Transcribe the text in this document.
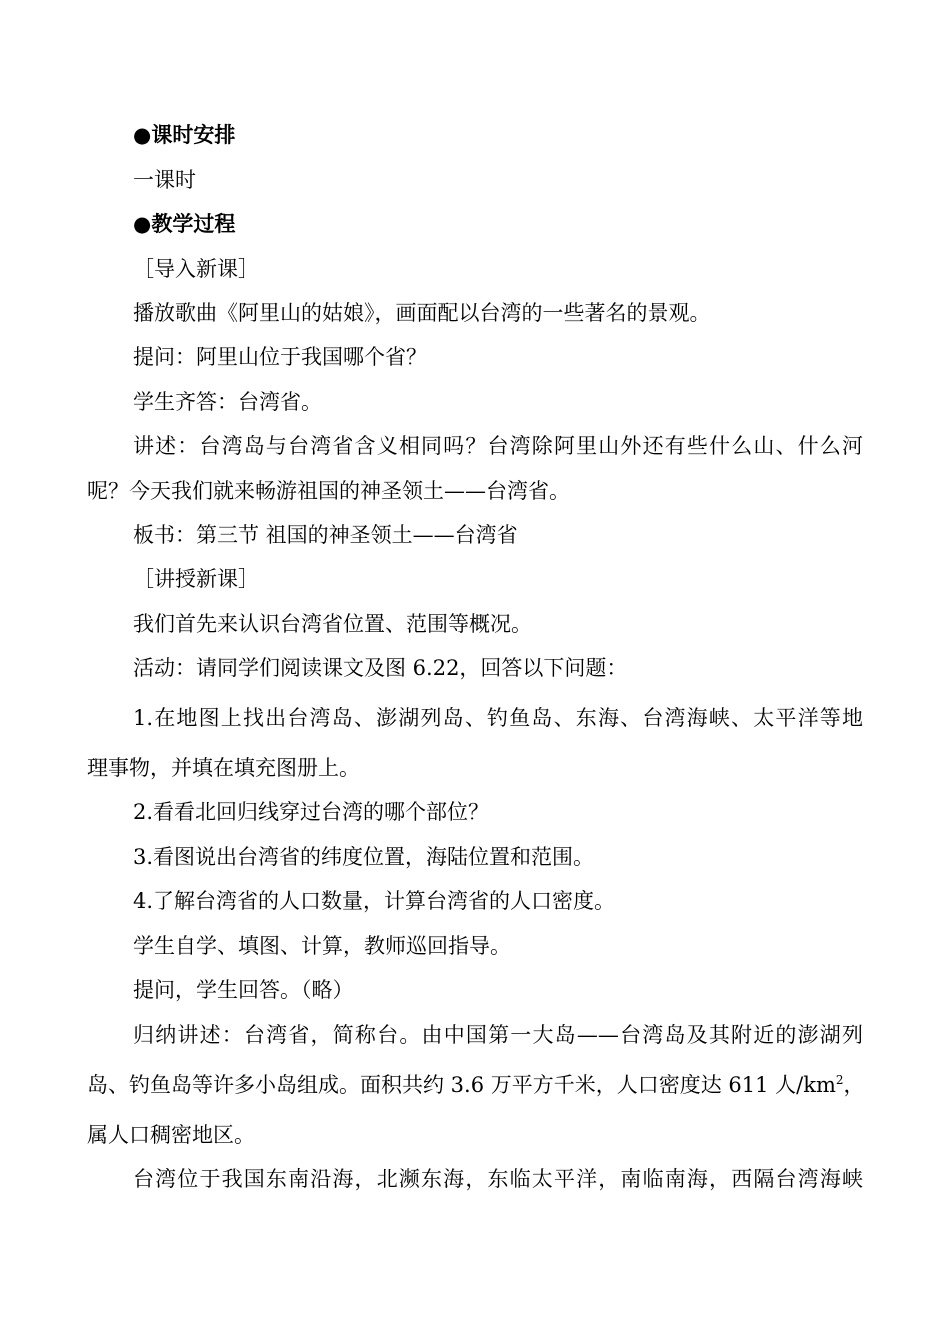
●课时安排
一课时
●教学过程
［导入新课］
播放歌曲《阿里山的姑娘》，画面配以台湾的一些著名的景观。
提问：阿里山位于我国哪个省？
学生齐答：台湾省。
讲述：台湾岛与台湾省含义相同吗？台湾除阿里山外还有些什么山、什么河
呢？今天我们就来畅游祖国的神圣领土——台湾省。
板书：第三节 祖国的神圣领土——台湾省
［讲授新课］
我们首先来认识台湾省位置、范围等概况。
活动：请同学们阅读课文及图 6.22，回答以下问题：
1.在地图上找出台湾岛、澎湖列岛、钓鱼岛、东海、台湾海峡、太平洋等地
理事物，并填在填充图册上。
2.看看北回归线穿过台湾的哪个部位？
3.看图说出台湾省的纬度位置，海陆位置和范围。
4.了解台湾省的人口数量，计算台湾省的人口密度。
学生自学、填图、计算，教师巡回指导。
提问，学生回答。（略）
归纳讲述：台湾省，简称台。由中国第一大岛——台湾岛及其附近的澎湖列
岛、钓鱼岛等许多小岛组成。面积共约 3.6 万平方千米，人口密度达 611 人$/km^2$，
属人口稠密地区。
台湾位于我国东南沿海，北濒东海，东临太平洋，南临南海，西隔台湾海峡
